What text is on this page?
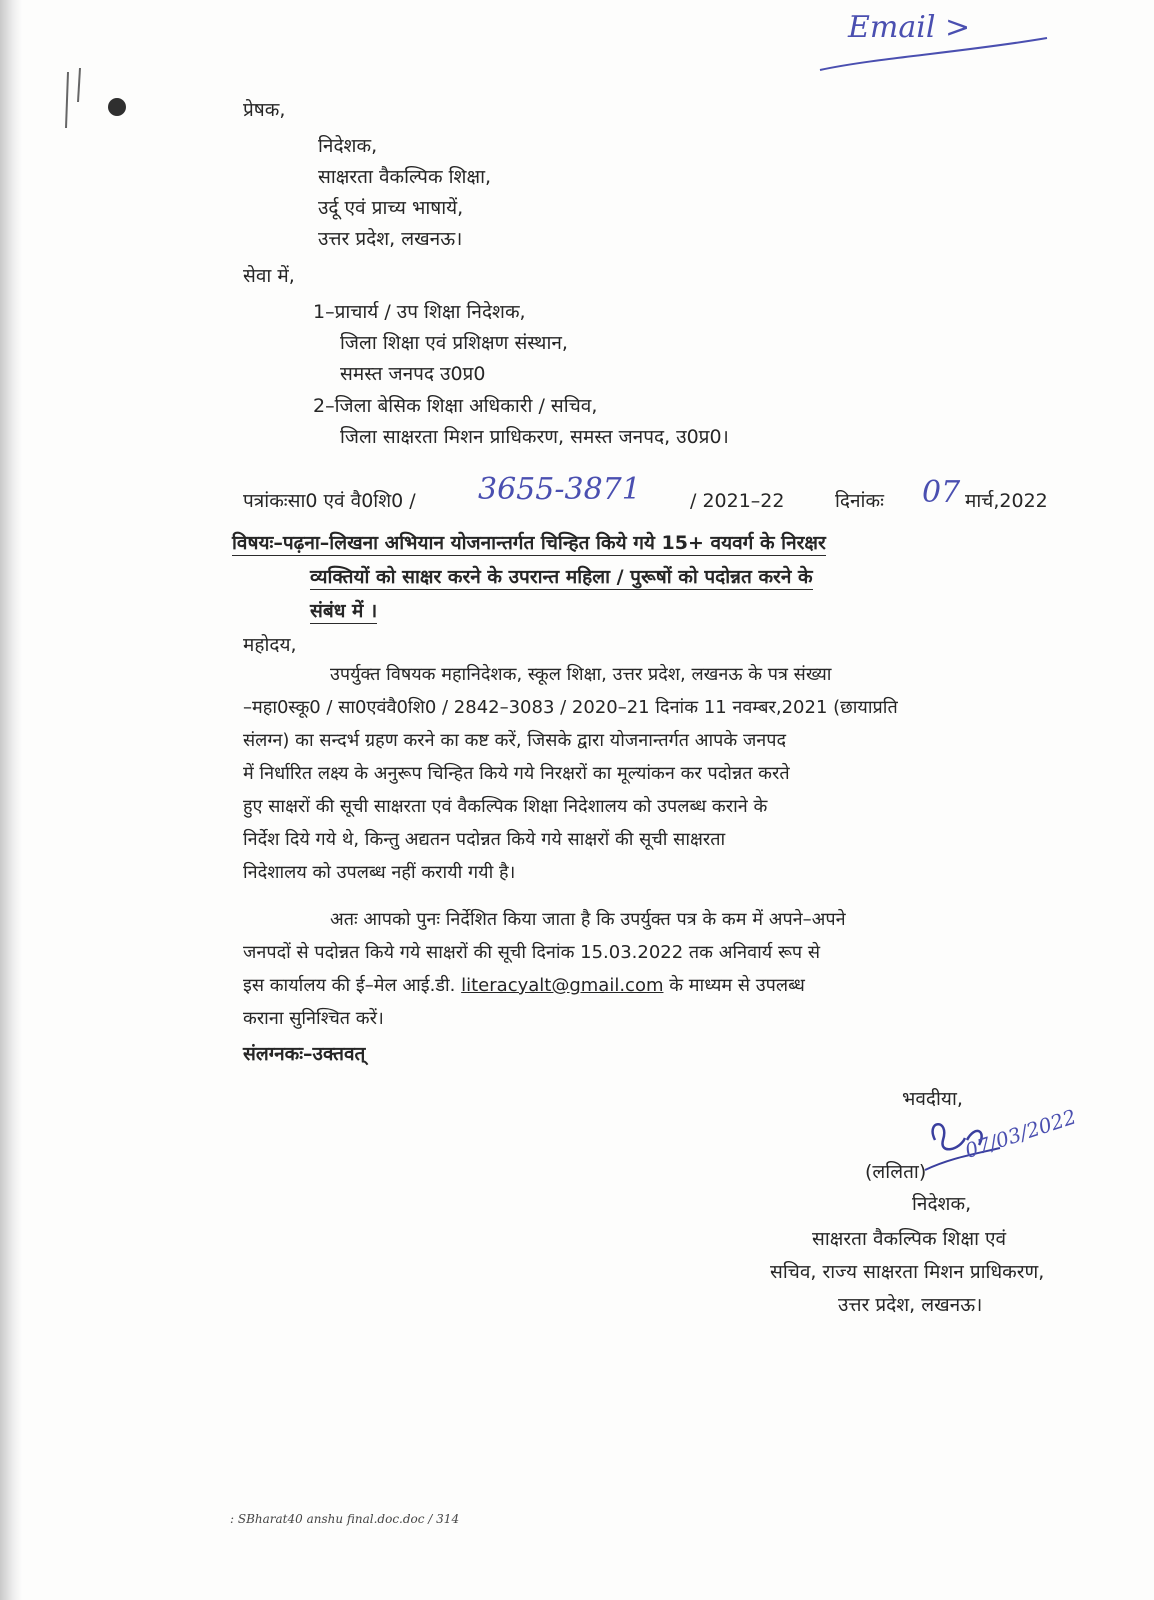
Email >
प्रेषक,
निदेशक,
साक्षरता वैकल्पिक शिक्षा,
उर्दू एवं प्राच्य भाषायें,
उत्तर प्रदेश, लखनऊ।
सेवा में,
1–प्राचार्य / उप शिक्षा निदेशक,
जिला शिक्षा एवं प्रशिक्षण संस्थान,
समस्त जनपद उ0प्र0
2–जिला बेसिक शिक्षा अधिकारी / सचिव,
जिला साक्षरता मिशन प्राधिकरण, समस्त जनपद, उ0प्र0।
पत्रांकःसा0 एवं वै0शि0 / 3655-3871	/ 2021–22	दिनांकः 07 मार्च,2022
विषयः–पढ़ना–लिखना अभियान योजनान्तर्गत चिन्हित किये गये 15+ वयवर्ग के निरक्षर
व्यक्तियों को साक्षर करने के उपरान्त महिला / पुरूषों को पदोन्नत करने के
संबंध में ।
महोदय,
उपर्युक्त विषयक महानिदेशक, स्कूल शिक्षा, उत्तर प्रदेश, लखनऊ के पत्र संख्या
–महा0स्कू0 / सा0एवंवै0शि0 / 2842–3083 / 2020–21 दिनांक 11 नवम्बर,2021 (छायाप्रति
संलग्न) का सन्दर्भ ग्रहण करने का कष्ट करें, जिसके द्वारा योजनान्तर्गत आपके जनपद
में निर्धारित लक्ष्य के अनुरूप चिन्हित किये गये निरक्षरों का मूल्यांकन कर पदोन्नत करते
हुए साक्षरों की सूची साक्षरता एवं वैकल्पिक शिक्षा निदेशालय को उपलब्ध कराने के
निर्देश दिये गये थे, किन्तु अद्यतन पदोन्नत किये गये साक्षरों की सूची साक्षरता
निदेशालय को उपलब्ध नहीं करायी गयी है।
अतः आपको पुनः निर्देशित किया जाता है कि उपर्युक्त पत्र के कम में अपने–अपने
जनपदों से पदोन्नत किये गये साक्षरों की सूची दिनांक 15.03.2022 तक अनिवार्य रूप से
इस कार्यालय की ई–मेल आई.डी. literacyalt@gmail.com के माध्यम से उपलब्ध
कराना सुनिश्चित करें।
संलग्नकः–उक्तवत्
भवदीया,
07/03/2022
(ललिता)
निदेशक,
साक्षरता वैकल्पिक शिक्षा एवं
सचिव, राज्य साक्षरता मिशन प्राधिकरण,
उत्तर प्रदेश, लखनऊ।
: SBharat40 anshu final.doc.doc / 314
